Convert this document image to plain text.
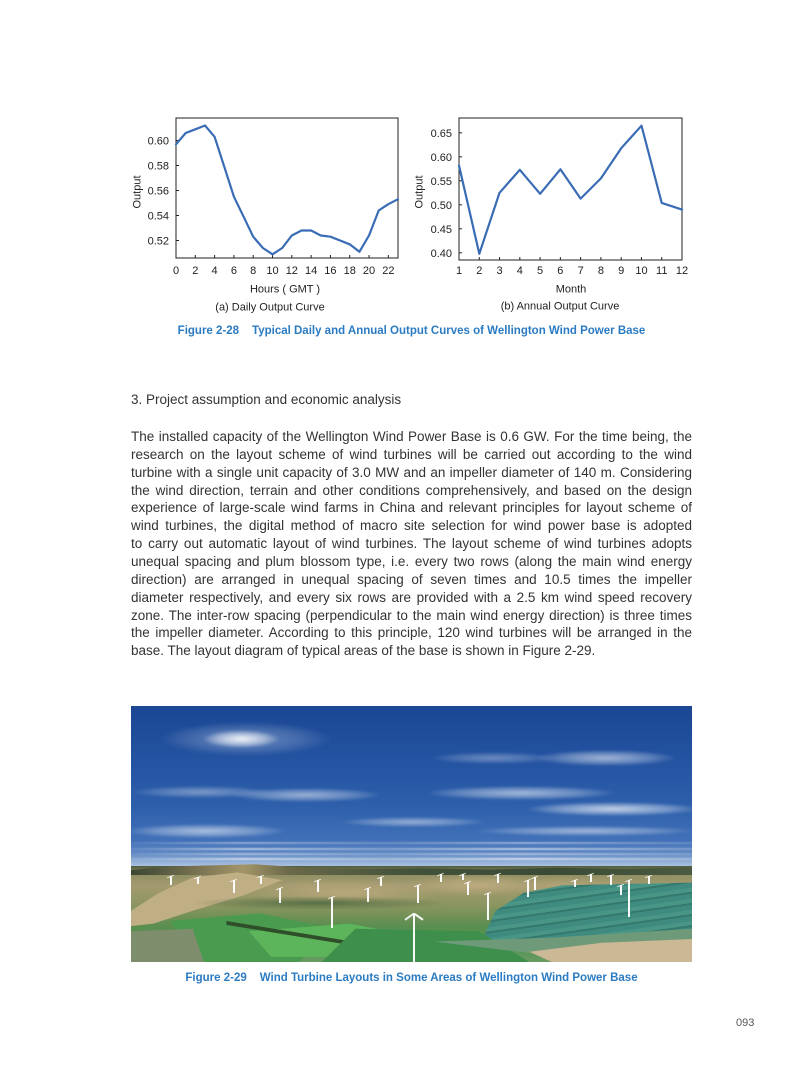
0.52
0.54
0.56
0.58
0.60
0 2 4 6 8 10 12 14 16 18 20 22
Output
Hours ( GMT )
(a) Daily Output Curve
0.40
0.45
0.50
0.55
0.60
0.65
1 2 3 4 5 6 7 8 9 10 11 12
Output
Month
(b) Annual Output Curve
Figure 2-28 Typical Daily and Annual Output Curves of Wellington Wind Power Base
3. Project assumption and economic analysis
The installed capacity of the Wellington Wind Power Base is 0.6 GW. For the time being, the
research on the layout scheme of wind turbines will be carried out according to the wind
turbine with a single unit capacity of 3.0 MW and an impeller diameter of 140 m. Considering
the wind direction, terrain and other conditions comprehensively, and based on the design
experience of large-scale wind farms in China and relevant principles for layout scheme of
wind turbines, the digital method of macro site selection for wind power base is adopted
to carry out automatic layout of wind turbines. The layout scheme of wind turbines adopts
unequal spacing and plum blossom type, i.e. every two rows (along the main wind energy
direction) are arranged in unequal spacing of seven times and 10.5 times the impeller
diameter respectively, and every six rows are provided with a 2.5 km wind speed recovery
zone. The inter-row spacing (perpendicular to the main wind energy direction) is three times
the impeller diameter. According to this principle, 120 wind turbines will be arranged in the
base. The layout diagram of typical areas of the base is shown in Figure 2-29.
Figure 2-29 Wind Turbine Layouts in Some Areas of Wellington Wind Power Base
093
